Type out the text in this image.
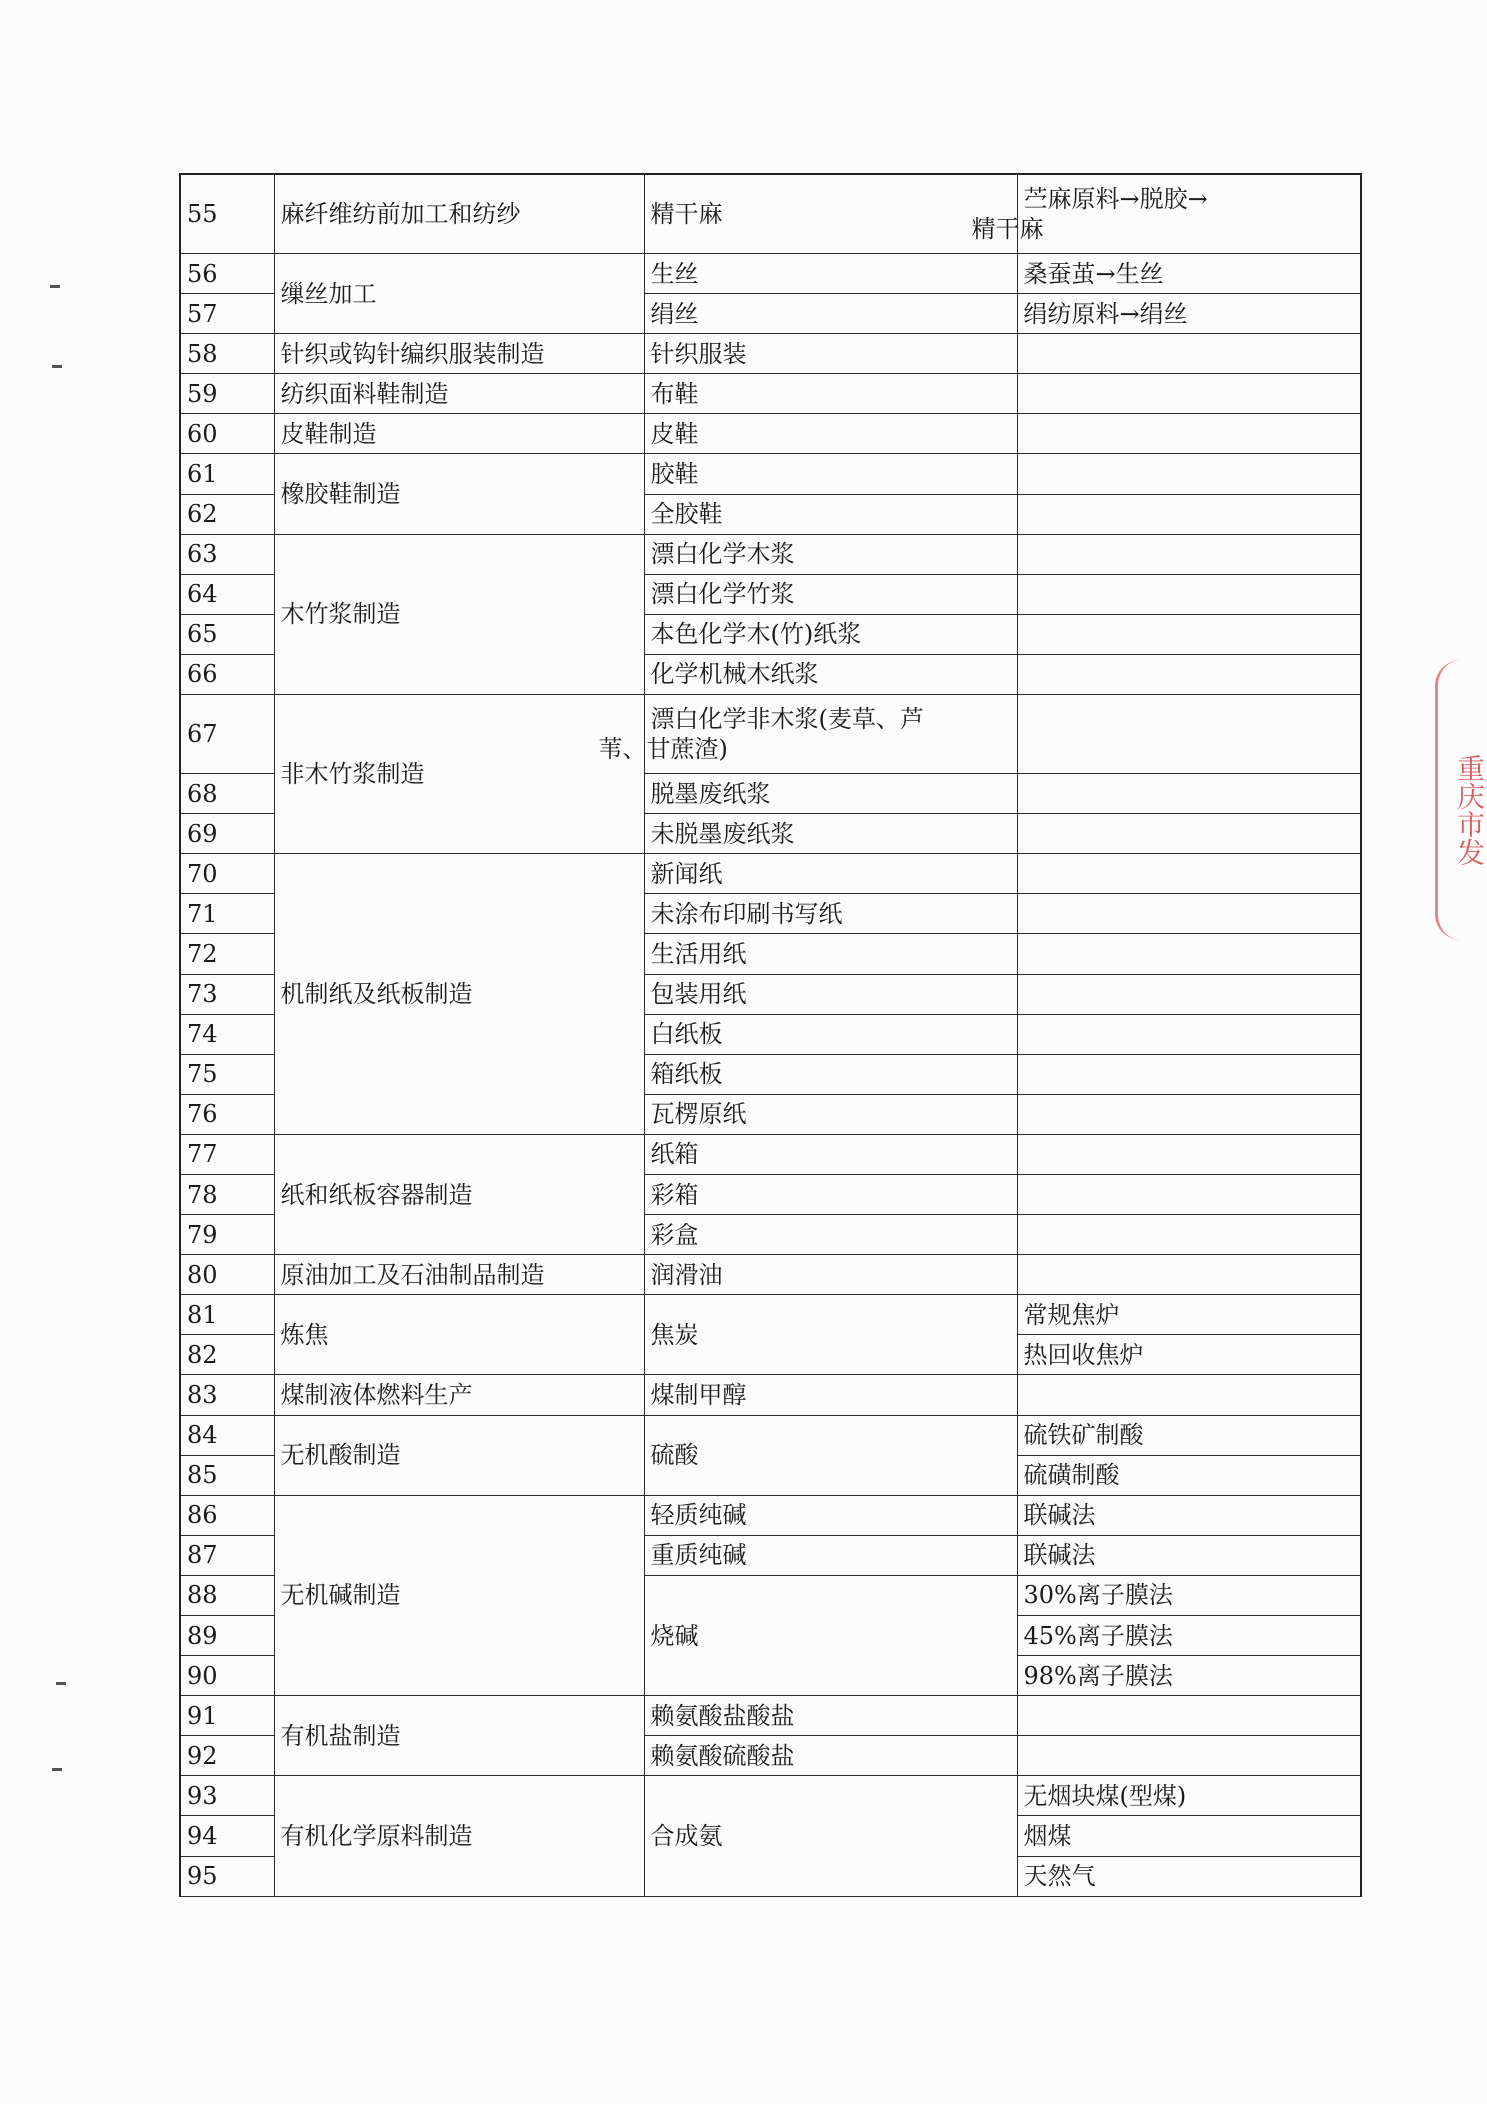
55	麻纤维纺前加工和纺纱	精干麻	苎麻原料→脱胶→
精干麻

56	缫丝加工	生丝	桑蚕茧→生丝
57		绢丝	绢纺原料→绢丝
58	针织或钩针编织服装制造	针织服装	
59	纺织面料鞋制造	布鞋	
60	皮鞋制造	皮鞋	
61	橡胶鞋制造	胶鞋	
62		全胶鞋	
63	木竹浆制造	漂白化学木浆	
64		漂白化学竹浆	
65		本色化学木(竹)纸浆	
66		化学机械木纸浆	
67	非木竹浆制造	漂白化学非木浆(麦草、芦
苇、甘蔗渣)	

68		脱墨废纸浆	
69		未脱墨废纸浆	
70	机制纸及纸板制造	新闻纸	
71		未涂布印刷书写纸	
72		生活用纸	
73		包装用纸	
74		白纸板	
75		箱纸板	
76		瓦楞原纸	
77	纸和纸板容器制造	纸箱	
78		彩箱	
79		彩盒	
80	原油加工及石油制品制造	润滑油	
81	炼焦	焦炭	常规焦炉
82			热回收焦炉
83	煤制液体燃料生产	煤制甲醇	
84	无机酸制造	硫酸	硫铁矿制酸
85			硫磺制酸
86	无机碱制造	轻质纯碱	联碱法
87		重质纯碱	联碱法
88		烧碱	30%离子膜法
89			45%离子膜法
90			98%离子膜法
91	有机盐制造	赖氨酸盐酸盐	
92		赖氨酸硫酸盐	
93	有机化学原料制造	合成氨	无烟块煤(型煤)
94			烟煤
95			天然气
重庆市发
